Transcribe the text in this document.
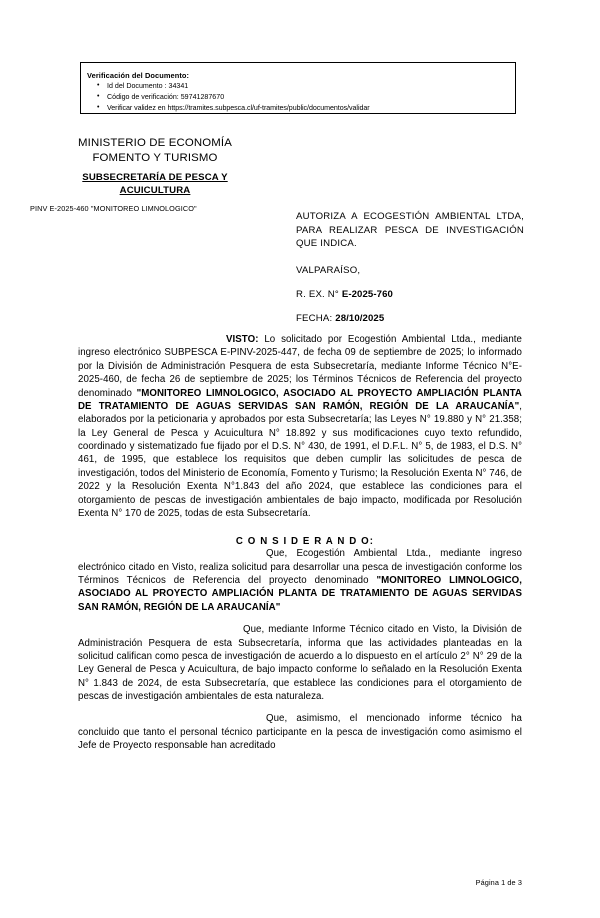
Verificación del Documento:
• Id del Documento : 34341
• Código de verificación: 59741287670
• Verificar validez en https://tramites.subpesca.cl/uf-tramites/public/documentos/validar
MINISTERIO DE ECONOMÍA
FOMENTO Y TURISMO
SUBSECRETARÍA DE PESCA Y
ACUICULTURA
PINV E-2025-460 "MONITOREO LIMNOLOGICO"
AUTORIZA A ECOGESTIÓN AMBIENTAL LTDA, PARA REALIZAR PESCA DE INVESTIGACIÓN QUE INDICA.
VALPARAÍSO,
R. EX. N° E-2025-760
FECHA: 28/10/2025

VISTO: Lo solicitado por Ecogestión Ambiental Ltda., mediante ingreso electrónico SUBPESCA E-PINV-2025-447, de fecha 09 de septiembre de 2025; lo informado por la División de Administración Pesquera de esta Subsecretaría, mediante Informe Técnico N°E-2025-460, de fecha 26 de septiembre de 2025; los Términos Técnicos de Referencia del proyecto denominado "MONITOREO LIMNOLOGICO, ASOCIADO AL PROYECTO AMPLIACIÓN PLANTA DE TRATAMIENTO DE AGUAS SERVIDAS SAN RAMÓN, REGIÓN DE LA ARAUCANÍA", elaborados por la peticionaria y aprobados por esta Subsecretaría; las Leyes N° 19.880 y N° 21.358; la Ley General de Pesca y Acuicultura N° 18.892 y sus modificaciones cuyo texto refundido, coordinado y sistematizado fue fijado por el D.S. N° 430, de 1991, el D.F.L. N° 5, de 1983, el D.S. N° 461, de 1995, que establece los requisitos que deben cumplir las solicitudes de pesca de investigación, todos del Ministerio de Economía, Fomento y Turismo; la Resolución Exenta N° 746, de 2022 y la Resolución Exenta N°1.843 del año 2024, que establece las condiciones para el otorgamiento de pescas de investigación ambientales de bajo impacto, modificada por Resolución Exenta N° 170 de 2025, todas de esta Subsecretaría.

C O N S I D E R A N D O:

Que, Ecogestión Ambiental Ltda., mediante ingreso electrónico citado en Visto, realiza solicitud para desarrollar una pesca de investigación conforme los Términos Técnicos de Referencia del proyecto denominado "MONITOREO LIMNOLOGICO, ASOCIADO AL PROYECTO AMPLIACIÓN PLANTA DE TRATAMIENTO DE AGUAS SERVIDAS SAN RAMÓN, REGIÓN DE LA ARAUCANÍA"

Que, mediante Informe Técnico citado en Visto, la División de Administración Pesquera de esta Subsecretaría, informa que las actividades planteadas en la solicitud califican como pesca de investigación de acuerdo a lo dispuesto en el artículo 2° N° 29 de la Ley General de Pesca y Acuicultura, de bajo impacto conforme lo señalado en la Resolución Exenta N° 1.843 de 2024, de esta Subsecretaría, que establece las condiciones para el otorgamiento de pescas de investigación ambientales de esta naturaleza.

Que, asimismo, el mencionado informe técnico ha concluido que tanto el personal técnico participante en la pesca de investigación como asimismo el Jefe de Proyecto responsable han acreditado

Página 1 de 3
